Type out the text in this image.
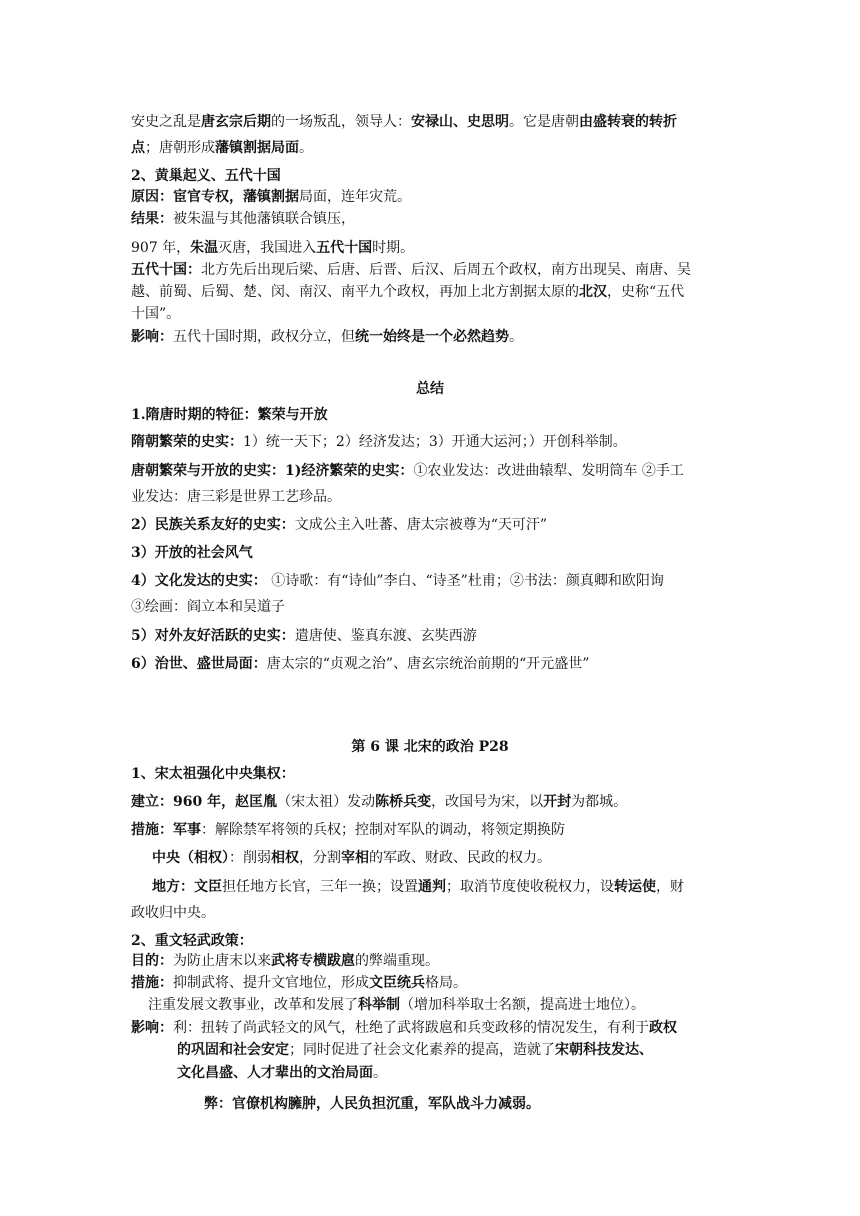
安史之乱是唐玄宗后期的一场叛乱，领导人：安禄山、史思明。它是唐朝由盛转衰的转折
点；唐朝形成藩镇割据局面。
2、黄巢起义、五代十国
原因：宦官专权，藩镇割据局面，连年灾荒。
结果：被朱温与其他藩镇联合镇压，
907 年，朱温灭唐，我国进入五代十国时期。
五代十国：北方先后出现后梁、后唐、后晋、后汉、后周五个政权，南方出现吴、南唐、吴
越、前蜀、后蜀、楚、闵、南汉、南平九个政权，再加上北方割据太原的北汉，史称“五代
十国”。
影响：五代十国时期，政权分立，但统一始终是一个必然趋势。
总结
1.隋唐时期的特征：繁荣与开放
隋朝繁荣的史实：1）统一天下；2）经济发达；3）开通大运河；）开创科举制。
唐朝繁荣与开放的史实：1)经济繁荣的史实：①农业发达：改进曲辕犁、发明筒车 ②手工
业发达：唐三彩是世界工艺珍品。
2）民族关系友好的史实：文成公主入吐蕃、唐太宗被尊为“天可汗”
3）开放的社会风气
4）文化发达的史实： ①诗歌：有“诗仙”李白、“诗圣”杜甫；②书法：颜真卿和欧阳询
③绘画：阎立本和吴道子
5）对外友好活跃的史实：遣唐使、鉴真东渡、玄奘西游
6）治世、盛世局面：唐太宗的“贞观之治”、唐玄宗统治前期的“开元盛世”
第 6 课 北宋的政治 P28
1、宋太祖强化中央集权：
建立：960 年，赵匡胤（宋太祖）发动陈桥兵变，改国号为宋，以开封为都城。
措施：军事：解除禁军将领的兵权；控制对军队的调动，将领定期换防
中央（相权）：削弱相权，分割宰相的军政、财政、民政的权力。
地方：文臣担任地方长官，三年一换；设置通判；取消节度使收税权力，设转运使，财
政收归中央。
2、重文轻武政策：
目的：为防止唐末以来武将专横跋扈的弊端重现。
措施：抑制武将、提升文官地位，形成文臣统兵格局。
注重发展文教事业，改革和发展了科举制（增加科举取士名额，提高进士地位）。
影响：利：扭转了尚武轻文的风气，杜绝了武将跋扈和兵变政移的情况发生，有利于政权
的巩固和社会安定；同时促进了社会文化素养的提高，造就了宋朝科技发达、
文化昌盛、人才辈出的文治局面。
弊：官僚机构臃肿，人民负担沉重，军队战斗力减弱。
